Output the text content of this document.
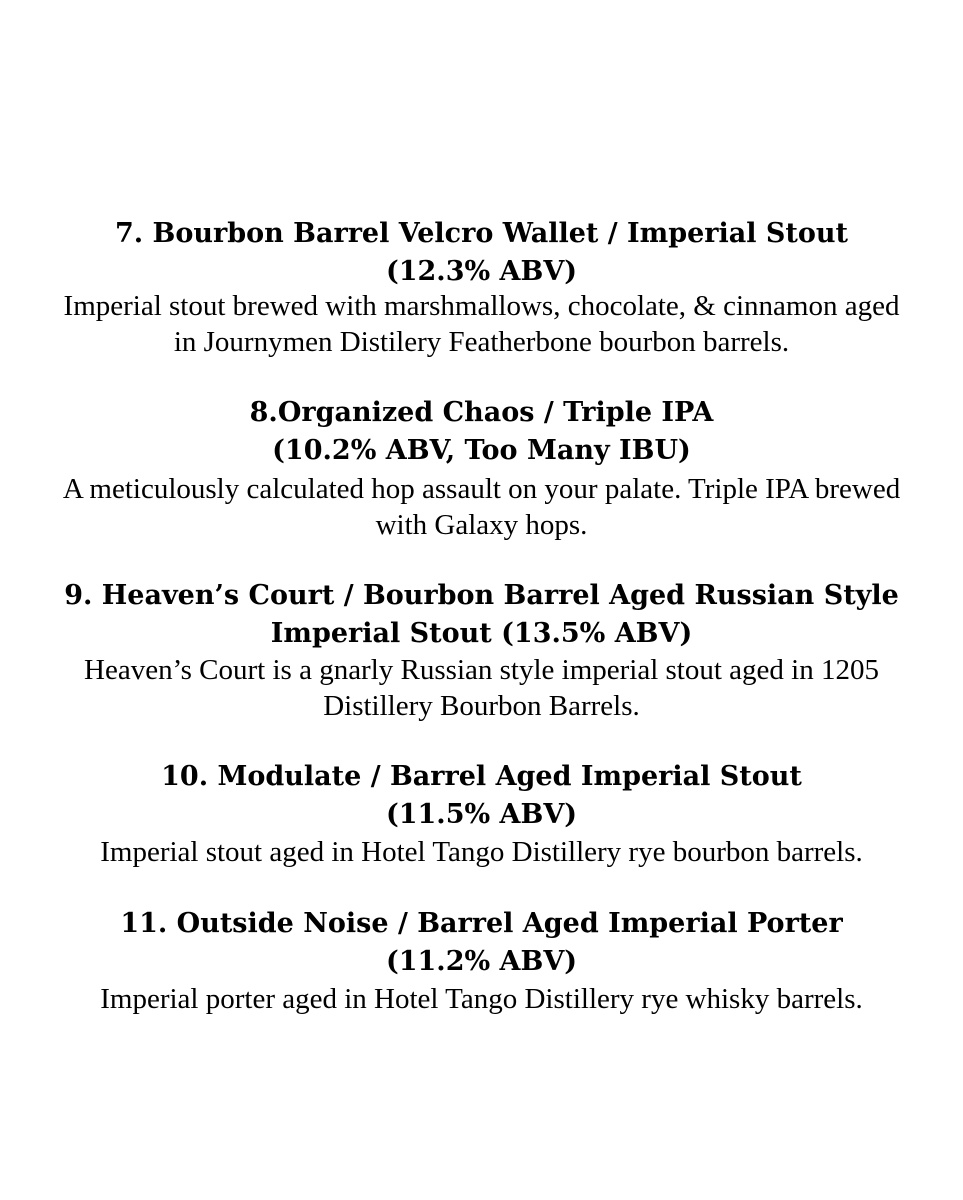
7. Bourbon Barrel Velcro Wallet / Imperial Stout
(12.3% ABV)
Imperial stout brewed with marshmallows, chocolate, & cinnamon aged
in Journymen Distilery Featherbone bourbon barrels.
8.Organized Chaos / Triple IPA
(10.2% ABV, Too Many IBU)
A meticulously calculated hop assault on your palate. Triple IPA brewed
with Galaxy hops.
9. Heaven’s Court / Bourbon Barrel Aged Russian Style
Imperial Stout (13.5% ABV)
Heaven’s Court is a gnarly Russian style imperial stout aged in 1205
Distillery Bourbon Barrels.
10. Modulate / Barrel Aged Imperial Stout
(11.5% ABV)
Imperial stout aged in Hotel Tango Distillery rye bourbon barrels.
11. Outside Noise / Barrel Aged Imperial Porter
(11.2% ABV)
Imperial porter aged in Hotel Tango Distillery rye whisky barrels.
